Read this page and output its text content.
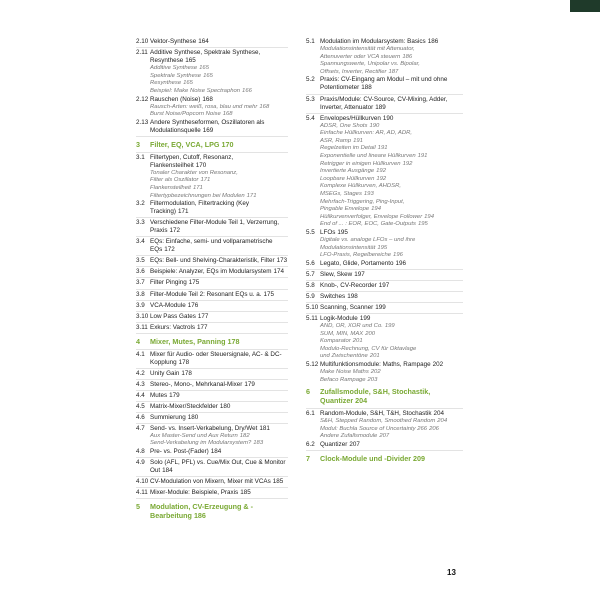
2.10 Vektor-Synthese 164
2.11 Additive Synthese, Spektrale Synthese, Resynthese 165
Additive Synthese 165
Spektrale Synthese 165
Resynthese 165
Beispiel: Make Noise Spectraphon 166
2.12 Rauschen (Noise) 168
Rausch-Arten: weiß, rosa, blau und mehr 168
Burst Noise/Popcorn Noise 168
2.13 Andere Syntheseformen, Oszillatoren als Modulationsquelle 169
3	Filter, EQ, VCA, LPG 170
3.1 Filtertypen, Cutoff, Resonanz, Flankensteilheit 170
Tonaler Charakter von Resonanz,
Filter als Oszillator 171
Flankensteilheit 171
Filtertypbezeichnungen bei Modulen 171
3.2 Filtermodulation, Filtertracking (Key Tracking) 171
3.3 Verschiedene Filter-Module Teil 1, Verzerrung, Praxis 172
3.4 EQs: Einfache, semi- und vollparametrische EQs 172
3.5 EQs: Bell- und Shelving-Charakteristik, Filter 173
3.6 Beispiele: Analyzer, EQs im Modularsystem 174
3.7 Filter Pinging 175
3.8 Filter-Module Teil 2: Resonant EQs u. a. 175
3.9 VCA-Module 176
3.10 Low Pass Gates 177
3.11 Exkurs: Vactrols 177
4	Mixer, Mutes, Panning 178
4.1 Mixer für Audio- oder Steuersignale, AC- & DC-Kopplung 178
4.2 Unity Gain 178
4.3 Stereo-, Mono-, Mehrkanal-Mixer 179
4.4 Mutes 179
4.5 Matrix-Mixer/Steckfelder 180
4.6 Summierung 180
4.7 Send- vs. Insert-Verkabelung, Dry/Wet 181
Aux Master-Send und Aux Return 182
Send-Verkabelung im Modularsystem? 183
4.8 Pre- vs. Post-(Fader) 184
4.9 Solo (AFL, PFL) vs. Cue/Mix Out, Cue & Monitor Out 184
4.10 CV-Modulation von Mixern, Mixer mit VCAs 185
4.11 Mixer-Module: Beispiele, Praxis 185
5	Modulation, CV-Erzeugung & -Bearbeitung 186
5.1 Modulation im Modularsystem: Basics 186
Modulationsintensität mit Attenuator,
Attenuverter oder VCA steuern 186
Spannungswerte, Unipolar vs. Bipolar,
Offsets, Inverter, Rectifier 187
5.2 Praxis: CV-Eingang am Modul – mit und ohne Potentiometer 188
5.3 Praxis/Module: CV-Source, CV-Mixing, Adder, Inverter, Attenuator 189
5.4 Envelopes/Hüllkurven 190
ADSR, One Shots 190
Einfache Hüllkurven: AR, AD, ADR,
ASR, Ramp 191
Regelzeiten im Detail 191
Exponentielle und lineare Hüllkurven 191
Retrigger in einigen Hüllkurven 192
Invertierte Ausgänge 192
Loopbare Hüllkurven 192
Komplexe Hüllkurven, AHDSR,
MSEGs, Stages 193
Mehrfach-Triggering, Ping-Input,
Pingable Envelope 194
Hüllkurvenverfolger, Envelope Follower 194
End of ... : EOR, EOC, Gate-Outputs 195
5.5 LFOs 195
Digitale vs. analoge LFOs – und ihre
Modulationsintensität 195
LFO-Praxis, Regelbereiche 196
5.6 Legato, Glide, Portamento 196
5.7 Slew, Skew 197
5.8 Knob-, CV-Recorder 197
5.9 Switches 198
5.10 Scanning, Scanner 199
5.11 Logik-Module 199
AND, OR, XOR und Co. 199
SUM, MIN, MAX 200
Komparator 201
Modulo-Rechnung, CV für Oktavlage
und Zwischentöne 201
5.12 Multifunktionsmodule: Maths, Rampage 202
Make Noise Maths 202
Befaco Rampage 203
6	Zufallsmodule, S&H, Stochastik, Quantizer 204
6.1 Random-Module, S&H, T&H, Stochastik 204
S&H, Stepped Random, Smoothed Random 204
Modul: Buchla Source of Uncertainty 266 206
Andere Zufallsmodule 207
6.2 Quantizer 207
7	Clock-Module und -Divider 209
13
